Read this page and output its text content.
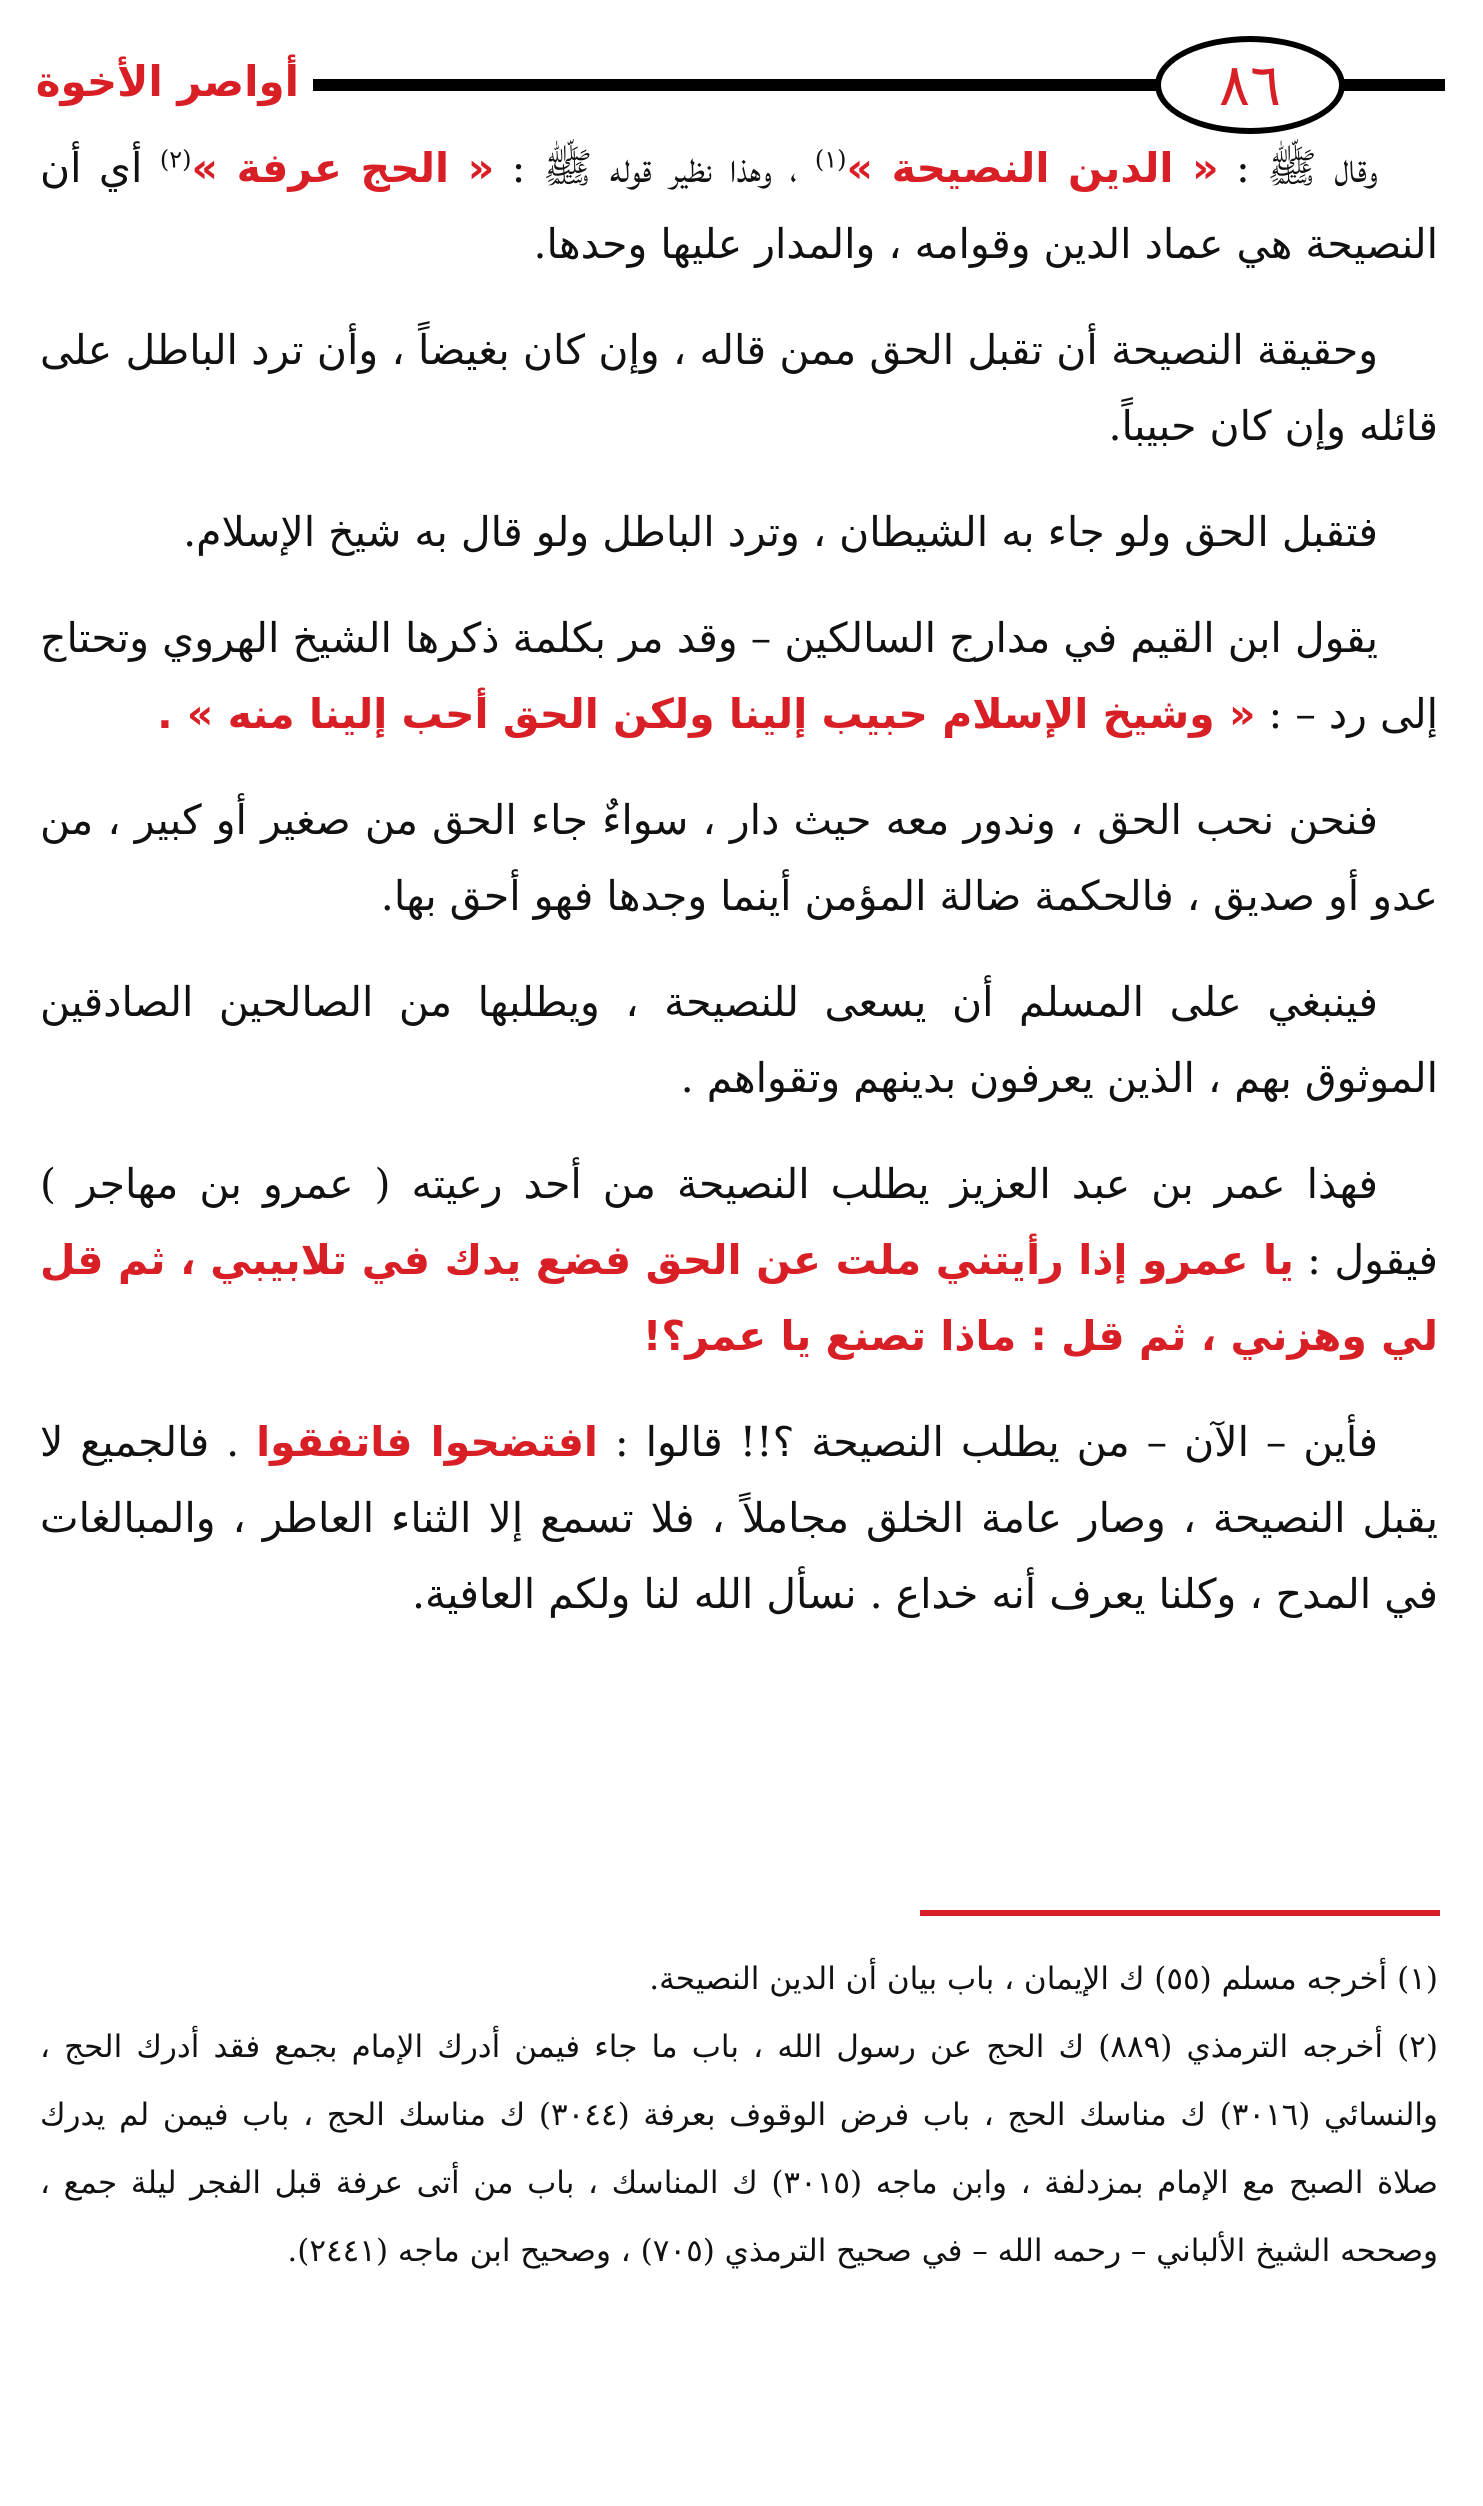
أواصر الأخوة	٨٦

وقال ﷺ : « الدين النصيحة »$^{(١)}$ ، وهذا نظير قوله ﷺ : « الحج عرفة »$^{(٢)}$ أي أن النصيحة هي عماد الدين وقوامه ، والمدار عليها وحدها.

وحقيقة النصيحة أن تقبل الحق ممن قاله ، وإن كان بغيضاً ، وأن ترد الباطل على قائله وإن كان حبيباً.

فتقبل الحق ولو جاء به الشيطان ، وترد الباطل ولو قال به شيخ الإسلام.

يقول ابن القيم في مدارج السالكين – وقد مر بكلمة ذكرها الشيخ الهروي وتحتاج إلى رد – : « وشيخ الإسلام حبيب إلينا ولكن الحق أحب إلينا منه » .

فنحن نحب الحق ، وندور معه حيث دار ، سواءٌ جاء الحق من صغير أو كبير ، من عدو أو صديق ، فالحكمة ضالة المؤمن أينما وجدها فهو أحق بها.

فينبغي على المسلم أن يسعى للنصيحة ، ويطلبها من الصالحين الصادقين الموثوق بهم ، الذين يعرفون بدينهم وتقواهم .

فهذا عمر بن عبد العزيز يطلب النصيحة من أحد رعيته ( عمرو بن مهاجر ) فيقول : يا عمرو إذا رأيتني ملت عن الحق فضع يدك في تلابيبي ، ثم قل لي وهزني ، ثم قل : ماذا تصنع يا عمر؟!

فأين – الآن – من يطلب النصيحة ؟!! قالوا : افتضحوا فاتفقوا . فالجميع لا يقبل النصيحة ، وصار عامة الخلق مجاملاً ، فلا تسمع إلا الثناء العاطر ، والمبالغات في المدح ، وكلنا يعرف أنه خداع . نسأل الله لنا ولكم العافية.

(١) أخرجه مسلم (٥٥) ك الإيمان ، باب بيان أن الدين النصيحة.

(٢) أخرجه الترمذي (٨٨٩) ك الحج عن رسول الله ، باب ما جاء فيمن أدرك الإمام بجمع فقد أدرك الحج ، والنسائي (٣٠١٦) ك مناسك الحج ، باب فرض الوقوف بعرفة (٣٠٤٤) ك مناسك الحج ، باب فيمن لم يدرك صلاة الصبح مع الإمام بمزدلفة ، وابن ماجه (٣٠١٥) ك المناسك ، باب من أتى عرفة قبل الفجر ليلة جمع ، وصححه الشيخ الألباني – رحمه الله – في صحيح الترمذي (٧٠٥) ، وصحيح ابن ماجه (٢٤٤١).
